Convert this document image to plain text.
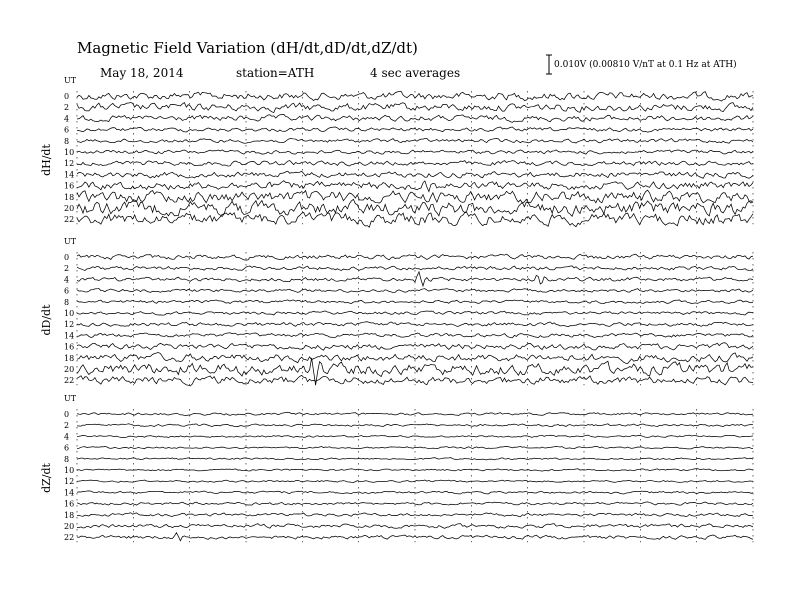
Magnetic Field Variation (dH/dt,dD/dt,dZ/dt)
May 18, 2014	station=ATH	4 sec averages
0.010V (0.00810 V/nT at 0.1 Hz at ATH)
UT
dH/dt
0
2
4
6
8
10
12
14
16
18
20
22
UT
dD/dt
0
2
4
6
8
10
12
14
16
18
20
22
UT
dZ/dt
0
2
4
6
8
10
12
14
16
18
20
22
